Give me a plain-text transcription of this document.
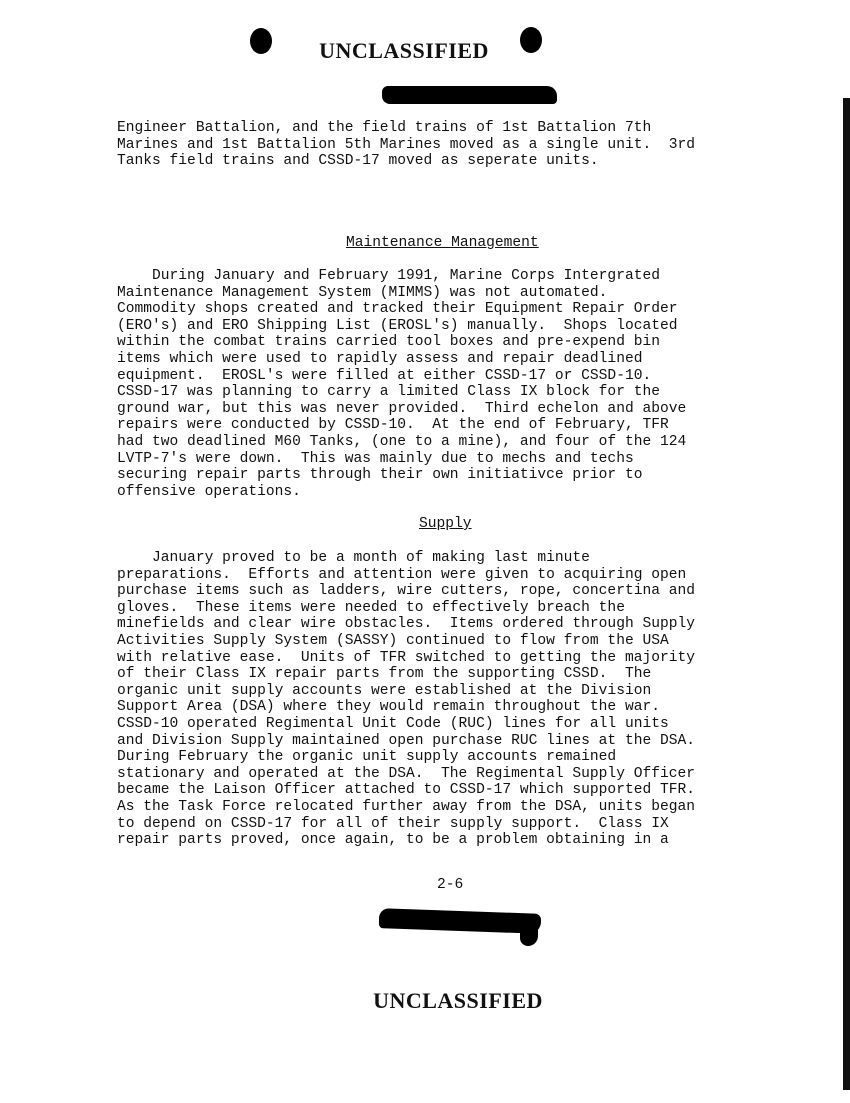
UNCLASSIFIED
Engineer Battalion, and the field trains of 1st Battalion 7th
Marines and 1st Battalion 5th Marines moved as a single unit.  3rd
Tanks field trains and CSSD-17 moved as seperate units.
Maintenance Management
During January and February 1991, Marine Corps Intergrated
Maintenance Management System (MIMMS) was not automated.
Commodity shops created and tracked their Equipment Repair Order
(ERO's) and ERO Shipping List (EROSL's) manually.  Shops located
within the combat trains carried tool boxes and pre-expend bin
items which were used to rapidly assess and repair deadlined
equipment.  EROSL's were filled at either CSSD-17 or CSSD-10.
CSSD-17 was planning to carry a limited Class IX block for the
ground war, but this was never provided.  Third echelon and above
repairs were conducted by CSSD-10.  At the end of February, TFR
had two deadlined M60 Tanks, (one to a mine), and four of the 124
LVTP-7's were down.  This was mainly due to mechs and techs
securing repair parts through their own initiativce prior to
offensive operations.
Supply
January proved to be a month of making last minute
preparations.  Efforts and attention were given to acquiring open
purchase items such as ladders, wire cutters, rope, concertina and
gloves.  These items were needed to effectively breach the
minefields and clear wire obstacles.  Items ordered through Supply
Activities Supply System (SASSY) continued to flow from the USA
with relative ease.  Units of TFR switched to getting the majority
of their Class IX repair parts from the supporting CSSD.  The
organic unit supply accounts were established at the Division
Support Area (DSA) where they would remain throughout the war.
CSSD-10 operated Regimental Unit Code (RUC) lines for all units
and Division Supply maintained open purchase RUC lines at the DSA.
During February the organic unit supply accounts remained
stationary and operated at the DSA.  The Regimental Supply Officer
became the Laison Officer attached to CSSD-17 which supported TFR.
As the Task Force relocated further away from the DSA, units began
to depend on CSSD-17 for all of their supply support.  Class IX
repair parts proved, once again, to be a problem obtaining in a
2-6
UNCLASSIFIED
